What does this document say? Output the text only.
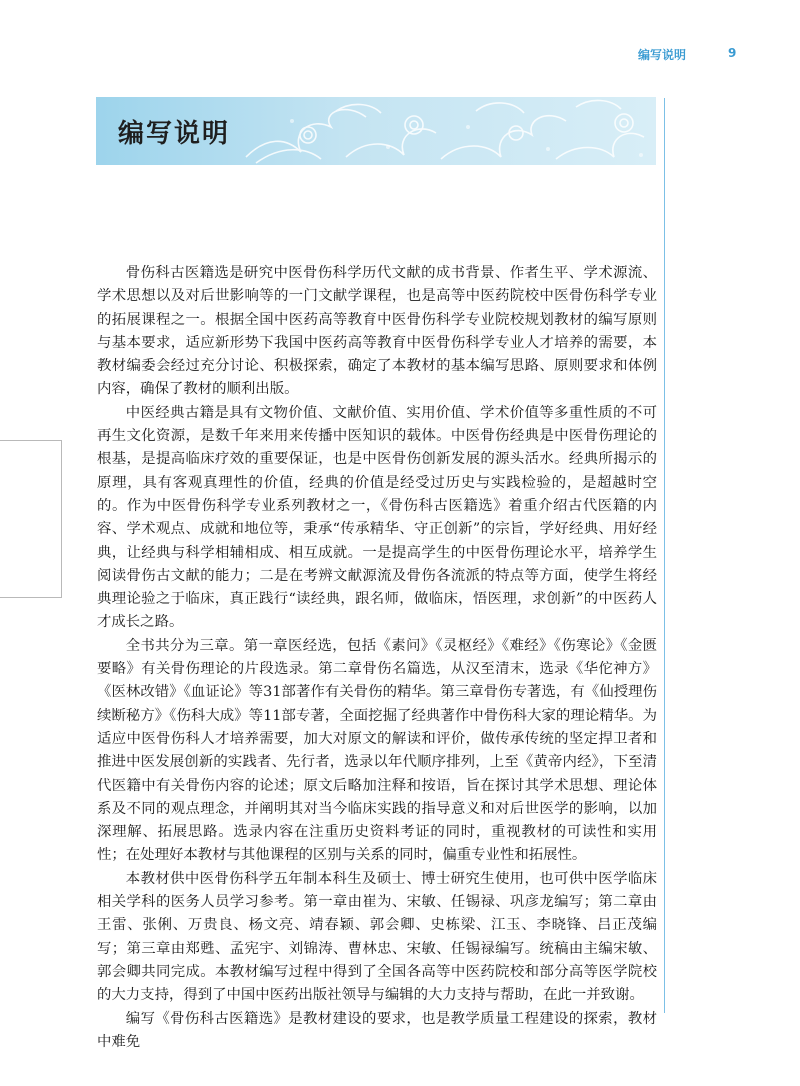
编写说明	9
编写说明

骨伤科古医籍选是研究中医骨伤科学历代文献的成书背景、作者生平、学术源流、学术思想以及对后世影响等的一门文献学课程，也是高等中医药院校中医骨伤科学专业的拓展课程之一。根据全国中医药高等教育中医骨伤科学专业院校规划教材的编写原则与基本要求，适应新形势下我国中医药高等教育中医骨伤科学专业人才培养的需要，本教材编委会经过充分讨论、积极探索，确定了本教材的基本编写思路、原则要求和体例内容，确保了教材的顺利出版。

中医经典古籍是具有文物价值、文献价值、实用价值、学术价值等多重性质的不可再生文化资源，是数千年来用来传播中医知识的载体。中医骨伤经典是中医骨伤理论的根基，是提高临床疗效的重要保证，也是中医骨伤创新发展的源头活水。经典所揭示的原理，具有客观真理性的价值，经典的价值是经受过历史与实践检验的，是超越时空的。作为中医骨伤科学专业系列教材之一，《骨伤科古医籍选》着重介绍古代医籍的内容、学术观点、成就和地位等，秉承“传承精华、守正创新”的宗旨，学好经典、用好经典，让经典与科学相辅相成、相互成就。一是提高学生的中医骨伤理论水平，培养学生阅读骨伤古文献的能力；二是在考辨文献源流及骨伤各流派的特点等方面，使学生将经典理论验之于临床，真正践行“读经典，跟名师，做临床，悟医理，求创新”的中医药人才成长之路。

全书共分为三章。第一章医经选，包括《素问》《灵枢经》《难经》《伤寒论》《金匮要略》有关骨伤理论的片段选录。第二章骨伤名篇选，从汉至清末，选录《华佗神方》《医林改错》《血证论》等31部著作有关骨伤的精华。第三章骨伤专著选，有《仙授理伤续断秘方》《伤科大成》等11部专著，全面挖掘了经典著作中骨伤科大家的理论精华。为适应中医骨伤科人才培养需要，加大对原文的解读和评价，做传承传统的坚定捍卫者和推进中医发展创新的实践者、先行者，选录以年代顺序排列，上至《黄帝内经》，下至清代医籍中有关骨伤内容的论述；原文后略加注释和按语，旨在探讨其学术思想、理论体系及不同的观点理念，并阐明其对当今临床实践的指导意义和对后世医学的影响，以加深理解、拓展思路。选录内容在注重历史资料考证的同时，重视教材的可读性和实用性；在处理好本教材与其他课程的区别与关系的同时，偏重专业性和拓展性。

本教材供中医骨伤科学五年制本科生及硕士、博士研究生使用，也可供中医学临床相关学科的医务人员学习参考。第一章由崔为、宋敏、任锡禄、巩彦龙编写；第二章由王雷、张俐、万贵良、杨文亮、靖春颖、郭会卿、史栋梁、江玉、李晓锋、吕正茂编写；第三章由郑甦、孟宪宇、刘锦涛、曹林忠、宋敏、任锡禄编写。统稿由主编宋敏、郭会卿共同完成。本教材编写过程中得到了全国各高等中医药院校和部分高等医学院校的大力支持，得到了中国中医药出版社领导与编辑的大力支持与帮助，在此一并致谢。

编写《骨伤科古医籍选》是教材建设的要求，也是教学质量工程建设的探索，教材中难免
